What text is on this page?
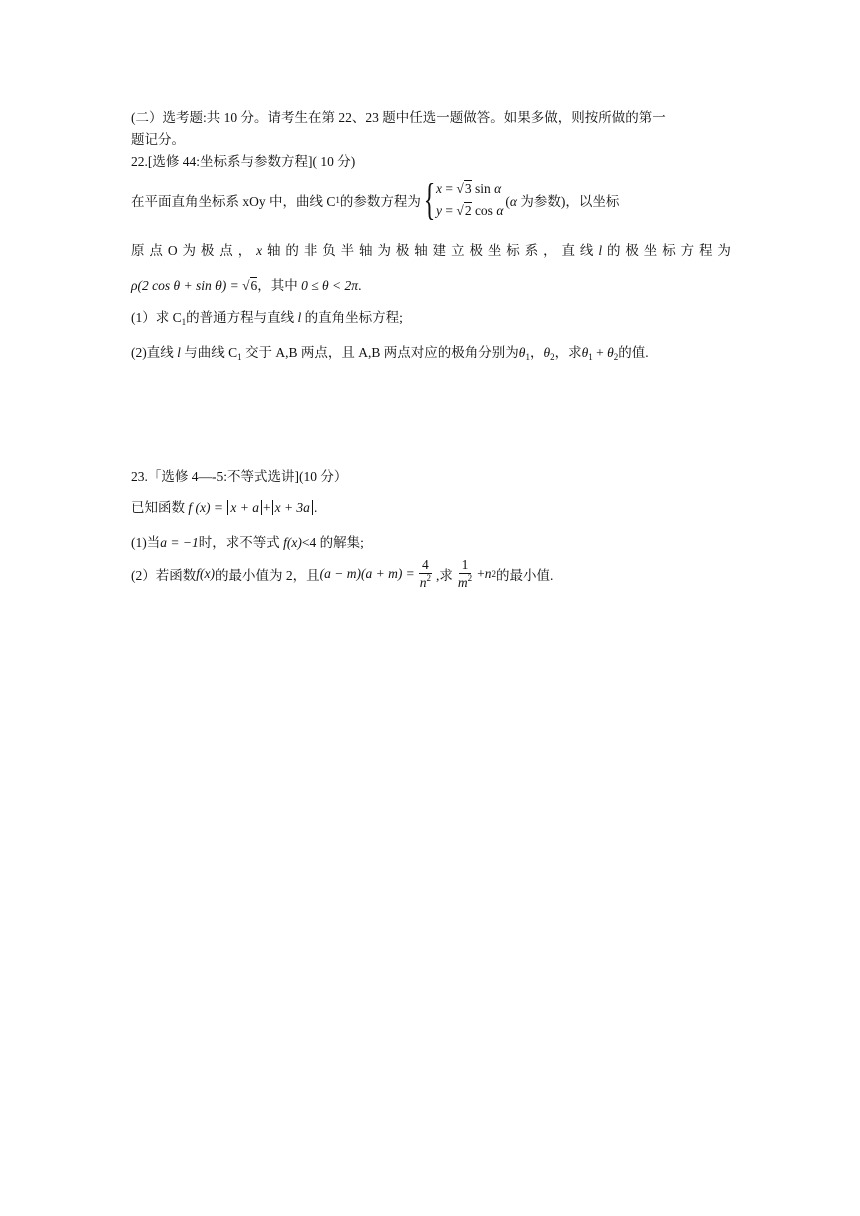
(二）选考题:共 10 分。请考生在第 22、23 题中任选一题做答。如果多做，则按所做的第一
题记分。
22.[选修 44:坐标系与参数方程]( 10 分)
在平面直角坐标系 xOy 中，曲线 C 1 的参数方程为 { x = √3 sin α
y = √2 cos α
(α 为参数)，以坐标
原 点 O 为 极 点 ， x 轴 的 非 负 半 轴 为 极 轴 建 立 极 坐 标 系 ， 直 线 l 的 极 坐 标 方 程 为
ρ(2 cos θ + sin θ) = √6，其中 0 ≤ θ < 2π.
(1）求 $C_1$的普通方程与直线 l 的直角坐标方程;
(2)直线 l 与曲线 $C_1$ 交于 A,B 两点，且 A,B 两点对应的极角分别为$\theta_1$，$\theta_2$，求$\theta_1 + \theta_2$的值.
23.「选修 4—-5:不等式选讲](10 分）
已知函数 f (x) = x + a + x + 3a .
(1)当a = −1时，求不等式 f(x)<4 的解集;
(2）若函数 f(x) 的最小值为 2，且 $(a - m)(a + m) = \frac{4}{n^2}$ ,求 $\frac{1}{m^2} + n$ 2 的最小值.
